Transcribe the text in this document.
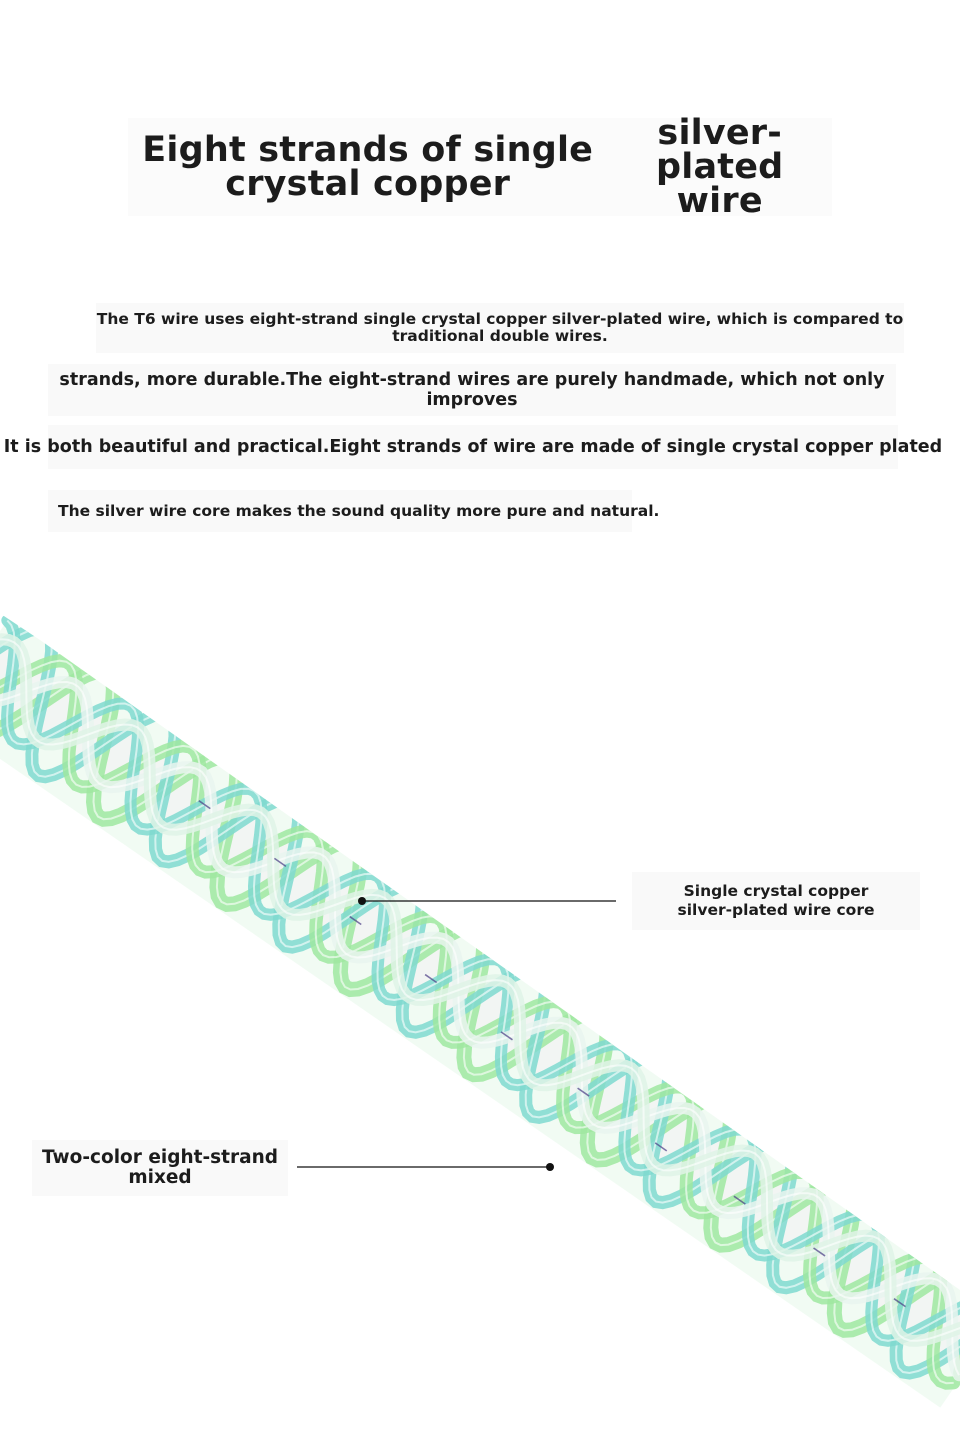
Eight strands of single crystal copper
silver-plated wire
The T6 wire uses eight-strand single crystal copper silver-plated wire, which is compared to
traditional double wires.
strands, more durable.The eight-strand wires are purely handmade, which not only
improves
It is both beautiful and practical.Eight strands of wire are made of single crystal copper plated
The silver wire core makes the sound quality more pure and natural.
Single crystal copper
silver-plated wire core
Two-color eight-strand
mixed
